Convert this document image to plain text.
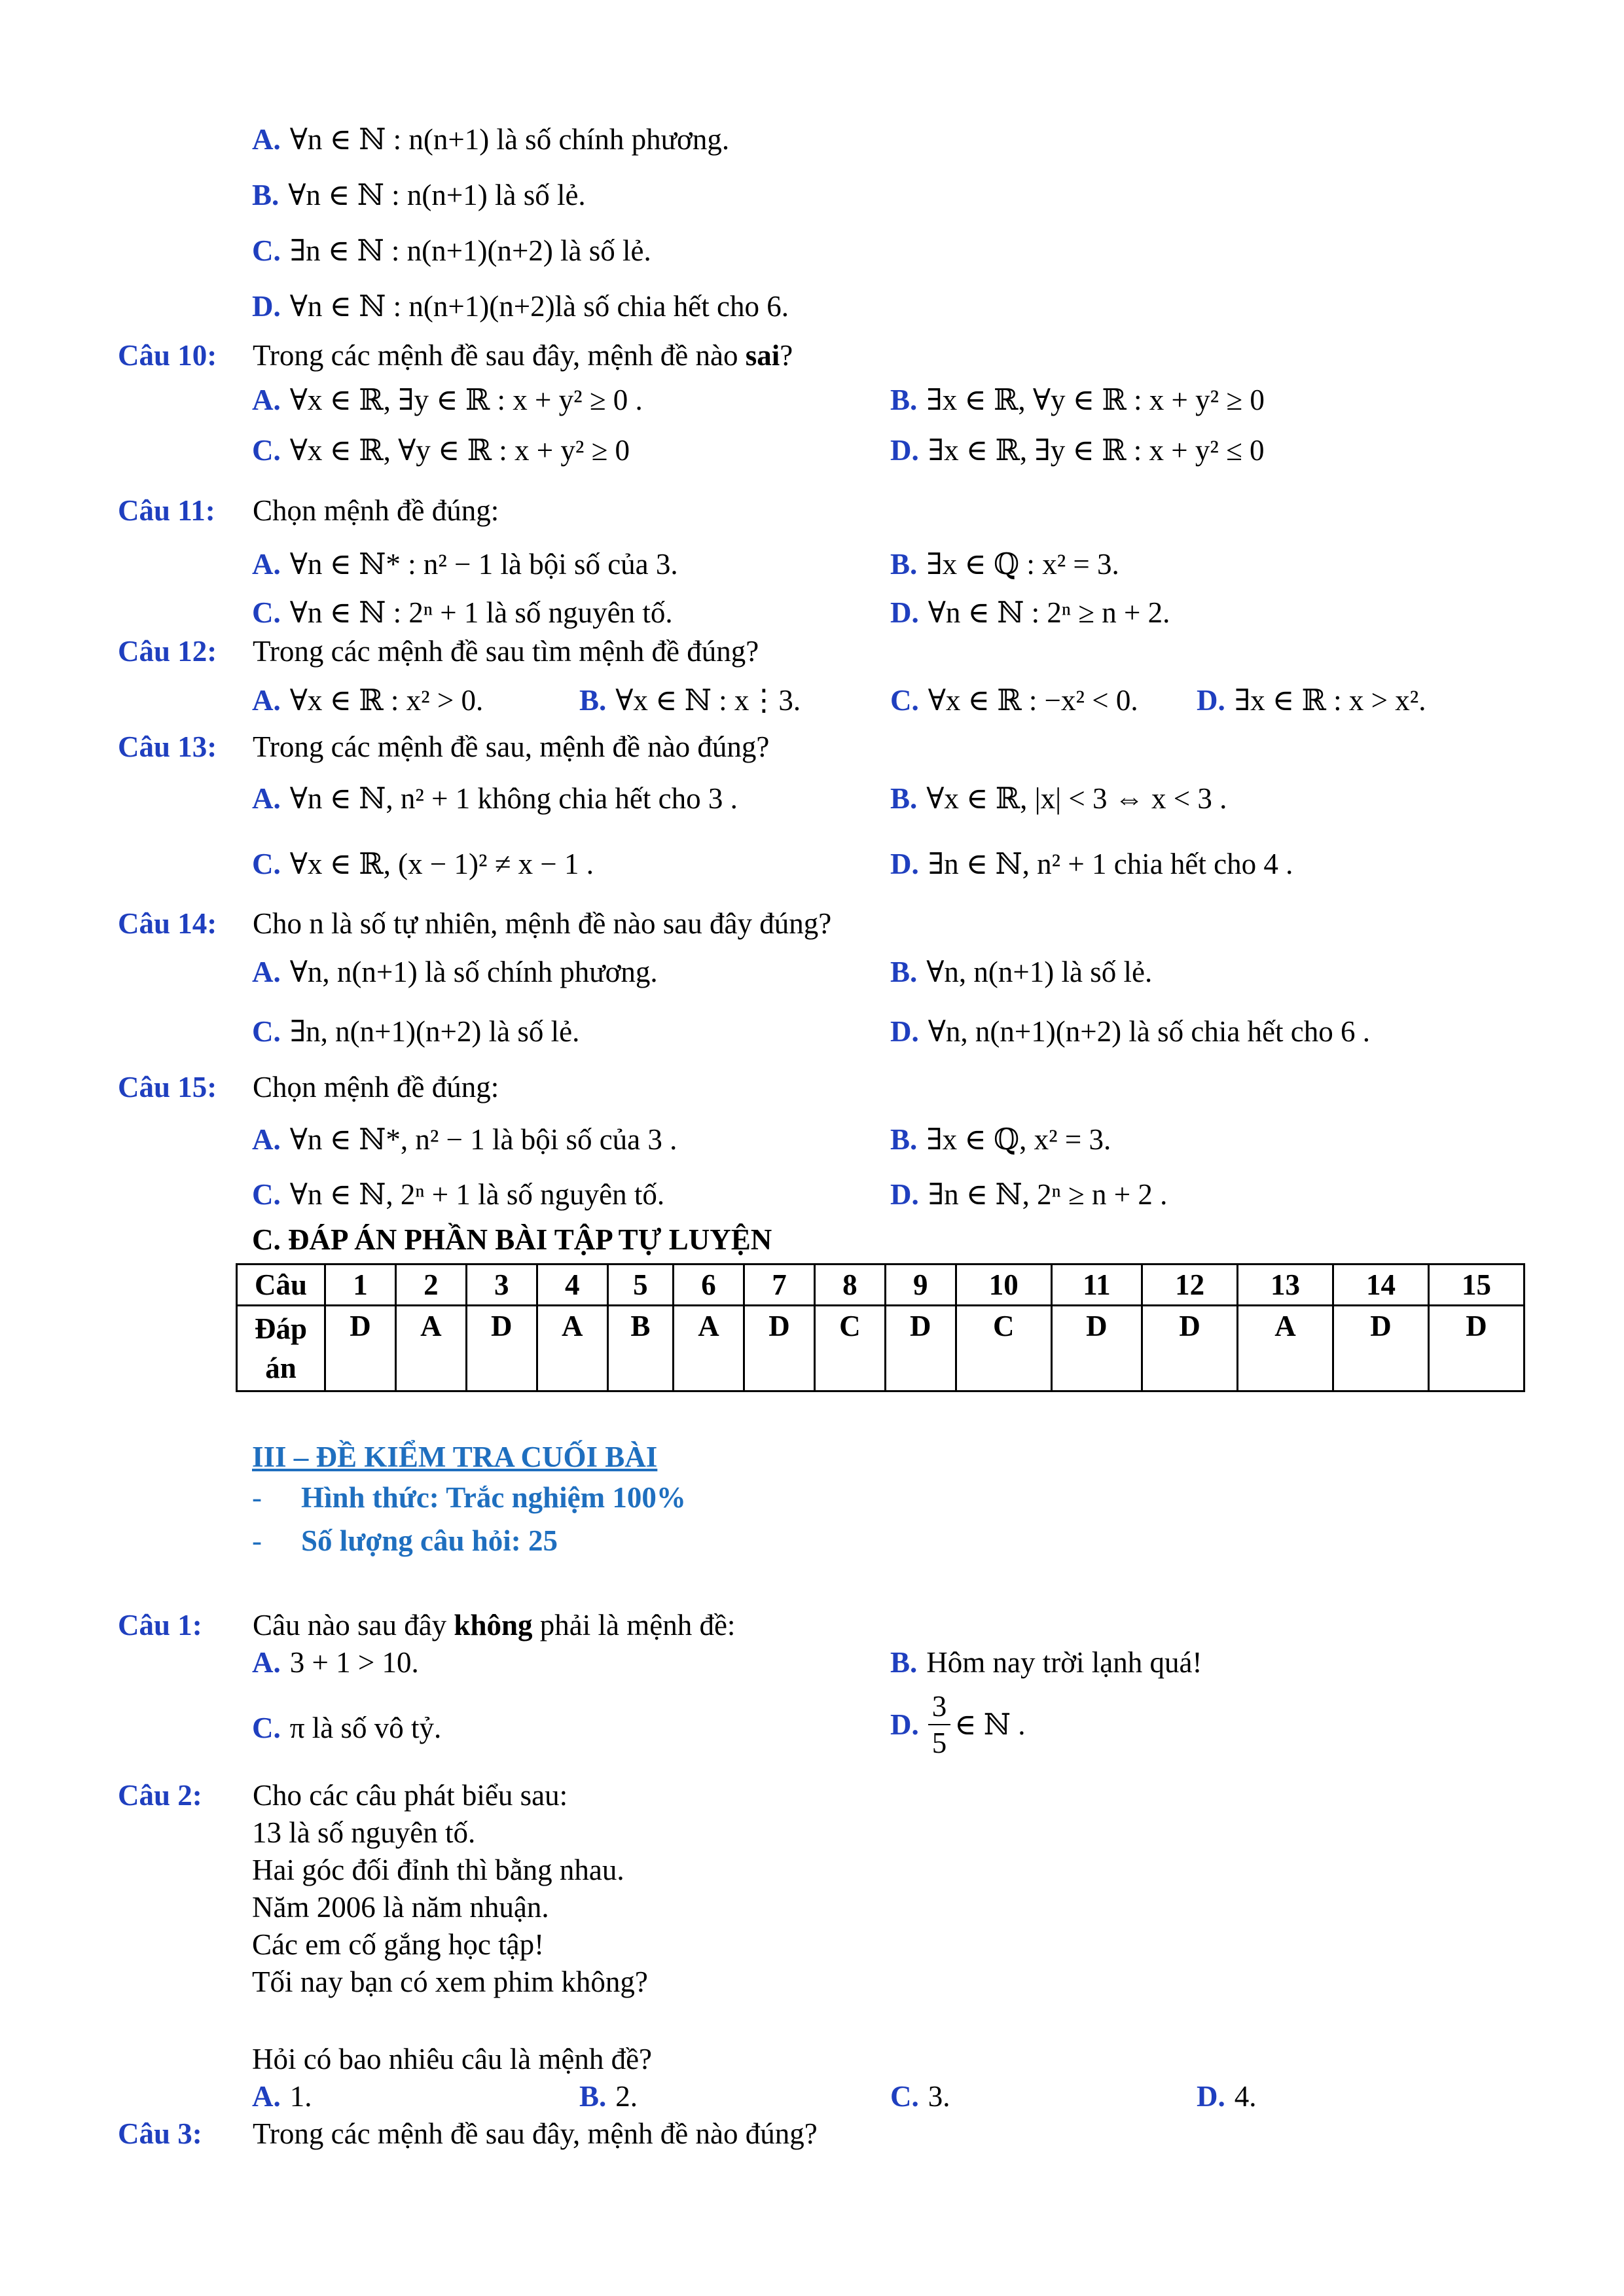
A. ∀n ∈ ℕ : n(n+1) là số chính phương.
B. ∀n ∈ ℕ : n(n+1) là số lẻ.
C. ∃n ∈ ℕ : n(n+1)(n+2) là số lẻ.
D. ∀n ∈ ℕ : n(n+1)(n+2)là số chia hết cho 6.
Câu 10: Trong các mệnh đề sau đây, mệnh đề nào sai?
A. ∀x ∈ ℝ, ∃y ∈ ℝ : x + y² ≥ 0 .	B. ∃x ∈ ℝ, ∀y ∈ ℝ : x + y² ≥ 0
C. ∀x ∈ ℝ, ∀y ∈ ℝ : x + y² ≥ 0	D. ∃x ∈ ℝ, ∃y ∈ ℝ : x + y² ≤ 0
Câu 11: Chọn mệnh đề đúng:
A. ∀n ∈ ℕ* : n² − 1 là bội số của 3.	B. ∃x ∈ ℚ : x² = 3.
C. ∀n ∈ ℕ : 2ⁿ + 1 là số nguyên tố.	D. ∀n ∈ ℕ : 2ⁿ ≥ n + 2.
Câu 12: Trong các mệnh đề sau tìm mệnh đề đúng?
A. ∀x ∈ ℝ : x² > 0.	B. ∀x ∈ ℕ : x⋮3.	C. ∀x ∈ ℝ : −x² < 0. D. ∃x ∈ ℝ : x > x².
Câu 13: Trong các mệnh đề sau, mệnh đề nào đúng?
A. ∀n ∈ ℕ, n² + 1 không chia hết cho 3 .	B. ∀x ∈ ℝ, |x| < 3 ⇔ x < 3 .
C. ∀x ∈ ℝ, (x − 1)² ≠ x − 1 .	D. ∃n ∈ ℕ, n² + 1 chia hết cho 4 .
Câu 14: Cho n là số tự nhiên, mệnh đề nào sau đây đúng?
A. ∀n, n(n+1) là số chính phương.	B. ∀n, n(n+1) là số lẻ.
C. ∃n, n(n+1)(n+2) là số lẻ.	D. ∀n, n(n+1)(n+2) là số chia hết cho 6 .
Câu 15: Chọn mệnh đề đúng:
A. ∀n ∈ ℕ*, n² − 1 là bội số của 3 .	B. ∃x ∈ ℚ, x² = 3.
C. ∀n ∈ ℕ, 2ⁿ + 1 là số nguyên tố.	D. ∃n ∈ ℕ, 2ⁿ ≥ n + 2 .
C. ĐÁP ÁN PHẦN BÀI TẬP TỰ LUYỆN
Câu	1	2	3	4	5	6	7	8	9	10	11	12	13	14	15
Đáp án	D	A	D	A	B	A	D	C	D	C	D	D	A	D	D
III – ĐỀ KIỂM TRA CUỐI BÀI
- Hình thức: Trắc nghiệm 100%
- Số lượng câu hỏi: 25
Câu 1: Câu nào sau đây không phải là mệnh đề:
A. 3 + 1 > 10.	B. Hôm nay trời lạnh quá!
C. π là số vô tỷ.	D. $\frac{3}{5}$ ∈ ℕ .
Câu 2: Cho các câu phát biểu sau:
13 là số nguyên tố.
Hai góc đối đỉnh thì bằng nhau.
Năm 2006 là năm nhuận.
Các em cố gắng học tập!
Tối nay bạn có xem phim không?
Hỏi có bao nhiêu câu là mệnh đề?
A. 1.	B. 2.	C. 3.	D. 4.
Câu 3: Trong các mệnh đề sau đây, mệnh đề nào đúng?
